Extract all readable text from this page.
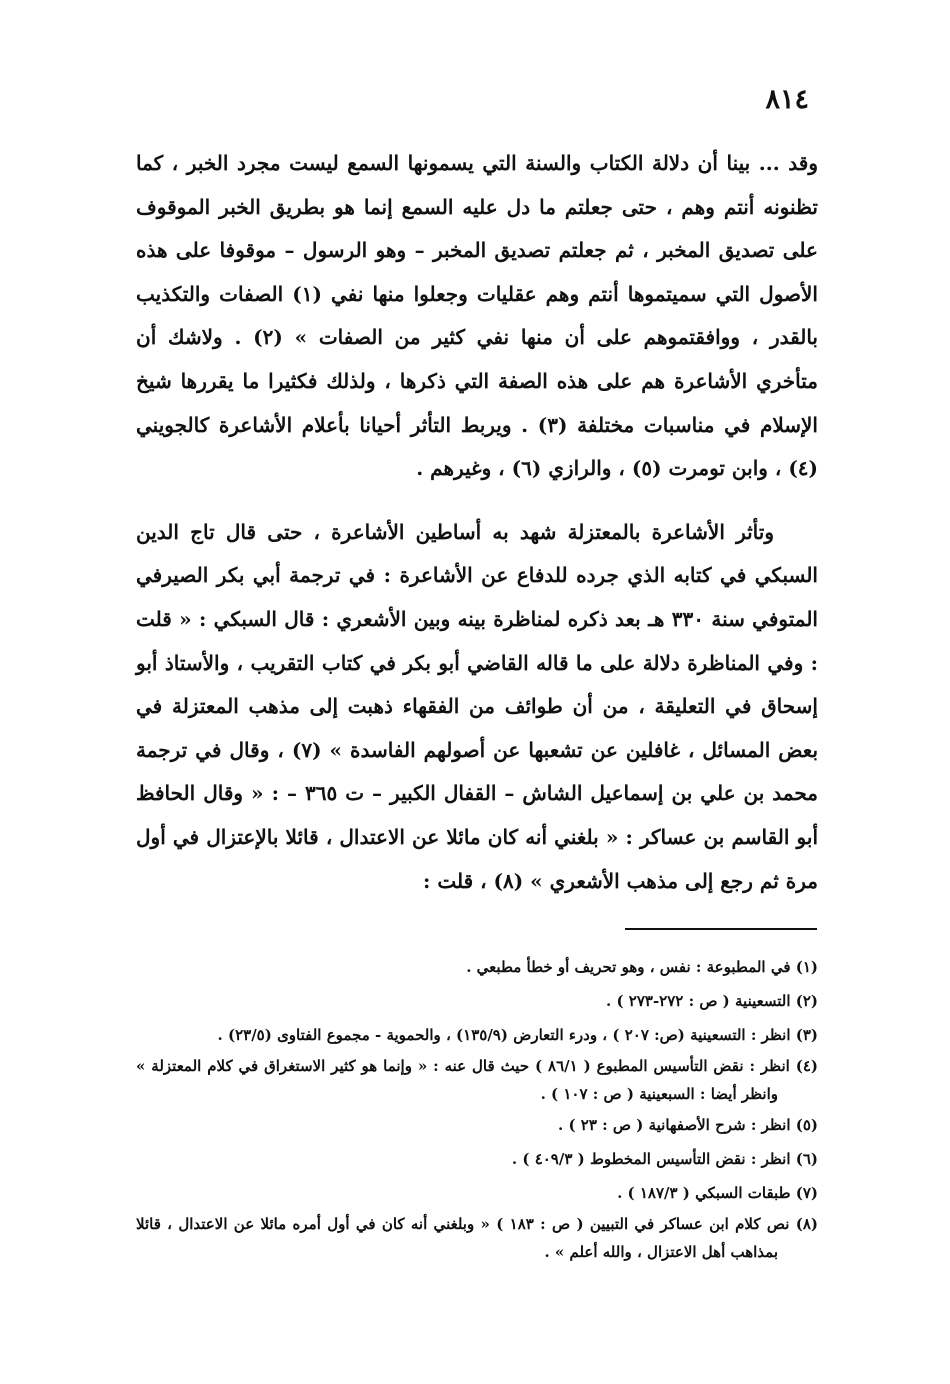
٨١٤

وقد ... بينا أن دلالة الكتاب والسنة التي يسمونها السمع ليست مجرد الخبر ، كما تظنونه أنتم وهم ، حتى جعلتم ما دل عليه السمع إنما هو بطريق الخبر الموقوف على تصديق المخبر ، ثم جعلتم تصديق المخبر – وهو الرسول – موقوفا على هذه الأصول التي سميتموها أنتم وهم عقليات وجعلوا منها نفي (١) الصفات والتكذيب بالقدر ، ووافقتموهم على أن منها نفي كثير من الصفات » (٢) . ولاشك أن متأخري الأشاعرة هم على هذه الصفة التي ذكرها ، ولذلك فكثيرا ما يقررها شيخ الإسلام في مناسبات مختلفة (٣) . ويربط التأثر أحيانا بأعلام الأشاعرة كالجويني (٤) ، وابن تومرت (٥) ، والرازي (٦) ، وغيرهم .

وتأثر الأشاعرة بالمعتزلة شهد به أساطين الأشاعرة ، حتى قال تاج الدين السبكي في كتابه الذي جرده للدفاع عن الأشاعرة : في ترجمة أبي بكر الصيرفي المتوفي سنة ٣٣٠ هـ بعد ذكره لمناظرة بينه وبين الأشعري : قال السبكي : « قلت : وفي المناظرة دلالة على ما قاله القاضي أبو بكر في كتاب التقريب ، والأستاذ أبو إسحاق في التعليقة ، من أن طوائف من الفقهاء ذهبت إلى مذهب المعتزلة في بعض المسائل ، غافلين عن تشعبها عن أصولهم الفاسدة » (٧) ، وقال في ترجمة محمد بن علي بن إسماعيل الشاش – القفال الكبير – ت ٣٦٥ – : « وقال الحافظ أبو القاسم بن عساكر : « بلغني أنه كان مائلا عن الاعتدال ، قائلا بالإعتزال في أول مرة ثم رجع إلى مذهب الأشعري » (٨) ، قلت :

(١) في المطبوعة : نفس ، وهو تحريف أو خطأ مطبعي .

(٢) التسعينية ( ص : ٢٧٢-٢٧٣ ) .

(٣) انظر : التسعينية (ص: ٢٠٧ ) ، ودرء التعارض (١٣٥/٩) ، والحموية - مجموع الفتاوى (٢٣/٥) .

(٤) انظر : نقض التأسيس المطبوع ( ٨٦/١ ) حيث قال عنه : « وإنما هو كثير الاستغراق في كلام المعتزلة » وانظر أيضا : السبعينية ( ص : ١٠٧ ) .

(٥) انظر : شرح الأصفهانية ( ص : ٢٣ ) .

(٦) انظر : نقض التأسيس المخطوط ( ٤٠٩/٣ ) .

(٧) طبقات السبكي ( ١٨٧/٣ ) .

(٨) نص كلام ابن عساكر في التبيين ( ص : ١٨٣ ) « وبلغني أنه كان في أول أمره مائلا عن الاعتدال ، قائلا بمذاهب أهل الاعتزال ، والله أعلم » .
